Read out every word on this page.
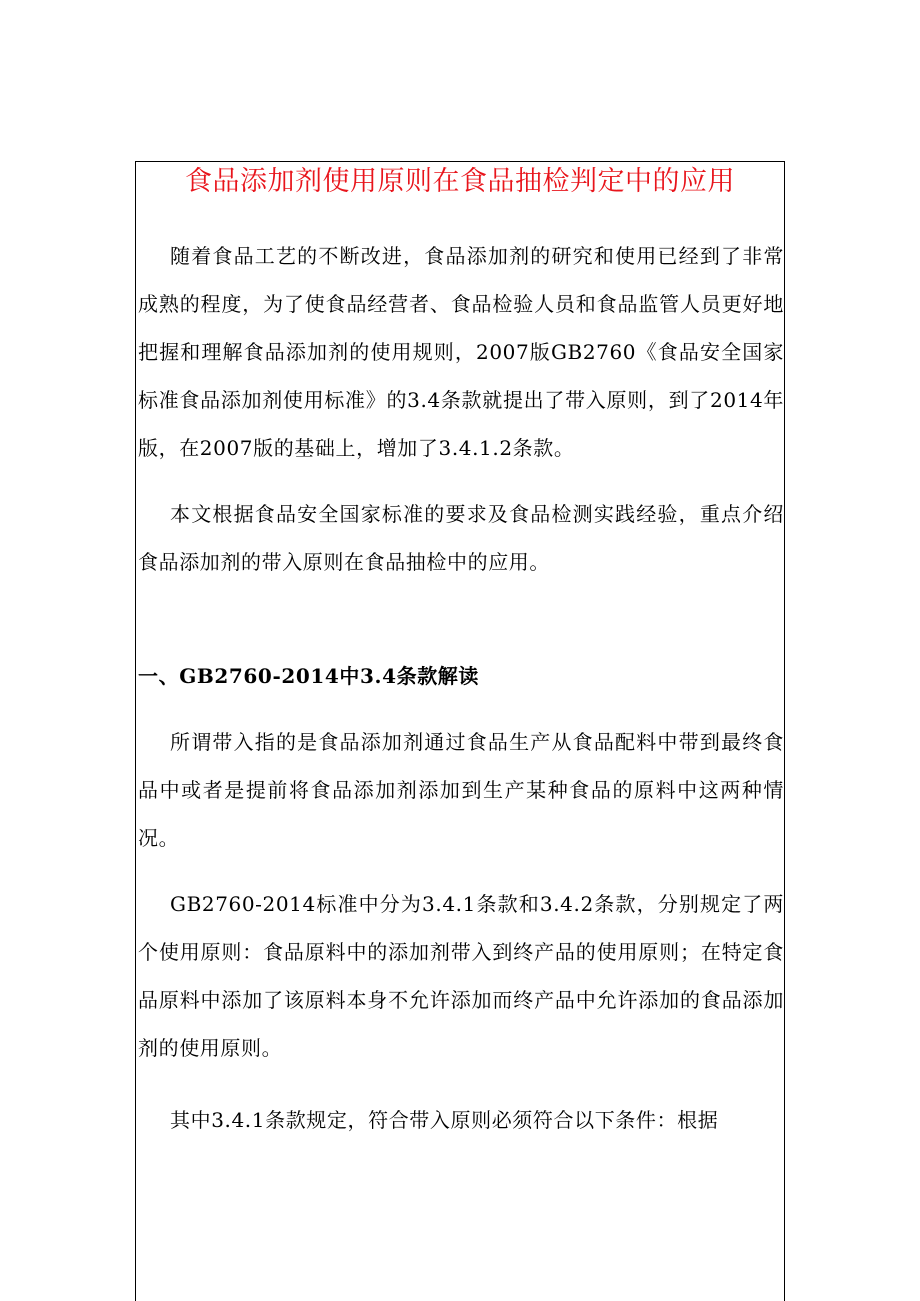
食品添加剂使用原则在食品抽检判定中的应用

随着食品工艺的不断改进，食品添加剂的研究和使用已经到了非常成熟的程度，为了使食品经营者、食品检验人员和食品监管人员更好地把握和理解食品添加剂的使用规则，2007版GB2760《食品安全国家标准食品添加剂使用标准》的3.4条款就提出了带入原则，到了2014年版，在2007版的基础上，增加了3.4.1.2条款。

本文根据食品安全国家标准的要求及食品检测实践经验，重点介绍食品添加剂的带入原则在食品抽检中的应用。

一、GB2760-2014中3.4条款解读

所谓带入指的是食品添加剂通过食品生产从食品配料中带到最终食品中或者是提前将食品添加剂添加到生产某种食品的原料中这两种情况。

GB2760-2014标准中分为3.4.1条款和3.4.2条款，分别规定了两个使用原则：食品原料中的添加剂带入到终产品的使用原则；在特定食品原料中添加了该原料本身不允许添加而终产品中允许添加的食品添加剂的使用原则。

其中3.4.1条款规定，符合带入原则必须符合以下条件：根据
